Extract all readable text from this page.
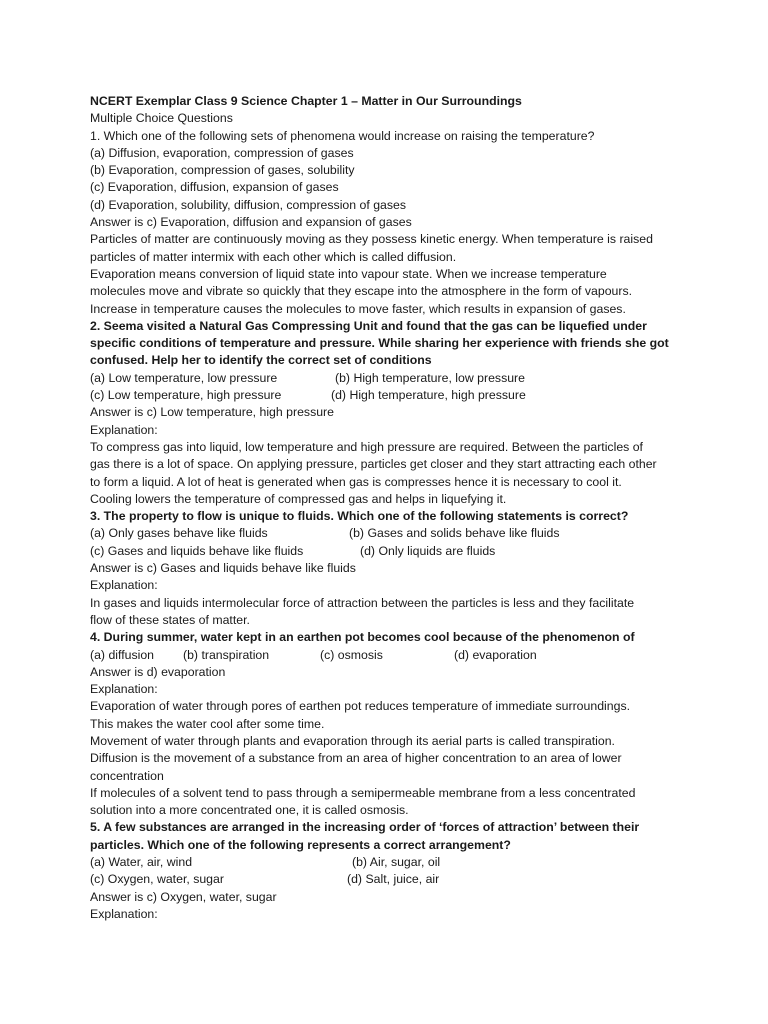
NCERT Exemplar Class 9 Science Chapter 1 – Matter in Our Surroundings
Multiple Choice Questions
1. Which one of the following sets of phenomena would increase on raising the temperature?
(a) Diffusion, evaporation, compression of gases
(b) Evaporation, compression of gases, solubility
(c) Evaporation, diffusion, expansion of gases
(d) Evaporation, solubility, diffusion, compression of gases
Answer is c) Evaporation, diffusion and expansion of gases
Particles of matter are continuously moving as they possess kinetic energy. When temperature is raised
particles of matter intermix with each other which is called diffusion.
Evaporation means conversion of liquid state into vapour state. When we increase temperature
molecules move and vibrate so quickly that they escape into the atmosphere in the form of vapours.
Increase in temperature causes the molecules to move faster, which results in expansion of gases.
2. Seema visited a Natural Gas Compressing Unit and found that the gas can be liquefied under
specific conditions of temperature and pressure. While sharing her experience with friends she got
confused. Help her to identify the correct set of conditions
(a) Low temperature, low pressure	(b) High temperature, low pressure
(c) Low temperature, high pressure	(d) High temperature, high pressure
Answer is c) Low temperature, high pressure
Explanation:
To compress gas into liquid, low temperature and high pressure are required. Between the particles of
gas there is a lot of space. On applying pressure, particles get closer and they start attracting each other
to form a liquid. A lot of heat is generated when gas is compresses hence it is necessary to cool it.
Cooling lowers the temperature of compressed gas and helps in liquefying it.
3. The property to flow is unique to fluids. Which one of the following statements is correct?
(a) Only gases behave like fluids	(b) Gases and solids behave like fluids
(c) Gases and liquids behave like fluids	(d) Only liquids are fluids
Answer is c) Gases and liquids behave like fluids
Explanation:
In gases and liquids intermolecular force of attraction between the particles is less and they facilitate
flow of these states of matter.
4. During summer, water kept in an earthen pot becomes cool because of the phenomenon of
(a) diffusion (b) transpiration	(c) osmosis	(d) evaporation
Answer is d) evaporation
Explanation:
Evaporation of water through pores of earthen pot reduces temperature of immediate surroundings.
This makes the water cool after some time.
Movement of water through plants and evaporation through its aerial parts is called transpiration.
Diffusion is the movement of a substance from an area of higher concentration to an area of lower
concentration
If molecules of a solvent tend to pass through a semipermeable membrane from a less concentrated
solution into a more concentrated one, it is called osmosis.
5. A few substances are arranged in the increasing order of ‘forces of attraction’ between their
particles. Which one of the following represents a correct arrangement?
(a) Water, air, wind	(b) Air, sugar, oil
(c) Oxygen, water, sugar	(d) Salt, juice, air
Answer is c) Oxygen, water, sugar
Explanation:
